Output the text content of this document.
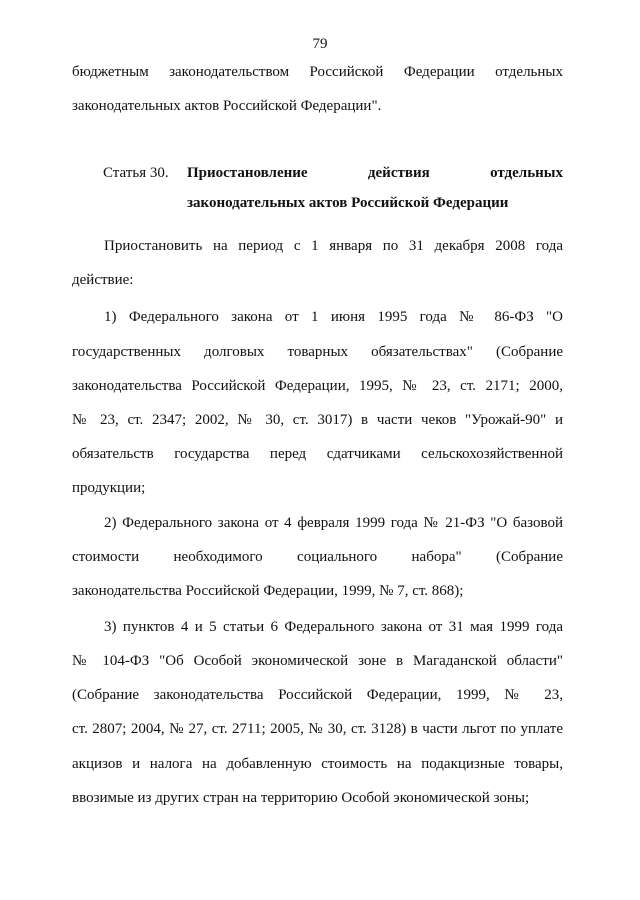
79
бюджетным законодательством Российской Федерации отдельных
законодательных актов Российской Федерации".
Статья 30. Приостановление действия отдельных
законодательных актов Российской Федерации
Приостановить на период с 1 января по 31 декабря 2008 года
действие:
1) Федерального закона от 1 июня 1995 года № 86-ФЗ "О
государственных долговых товарных обязательствах" (Собрание
законодательства Российской Федерации, 1995, № 23, ст. 2171; 2000,
№ 23, ст. 2347; 2002, № 30, ст. 3017) в части чеков "Урожай-90" и
обязательств государства перед сдатчиками сельскохозяйственной
продукции;
2) Федерального закона от 4 февраля 1999 года № 21-ФЗ "О базовой
стоимости необходимого социального набора" (Собрание
законодательства Российской Федерации, 1999, № 7, ст. 868);
3) пунктов 4 и 5 статьи 6 Федерального закона от 31 мая 1999 года
№ 104-ФЗ "Об Особой экономической зоне в Магаданской области"
(Собрание законодательства Российской Федерации, 1999, № 23,
ст. 2807; 2004, № 27, ст. 2711; 2005, № 30, ст. 3128) в части льгот по уплате
акцизов и налога на добавленную стоимость на подакцизные товары,
ввозимые из других стран на территорию Особой экономической зоны;
